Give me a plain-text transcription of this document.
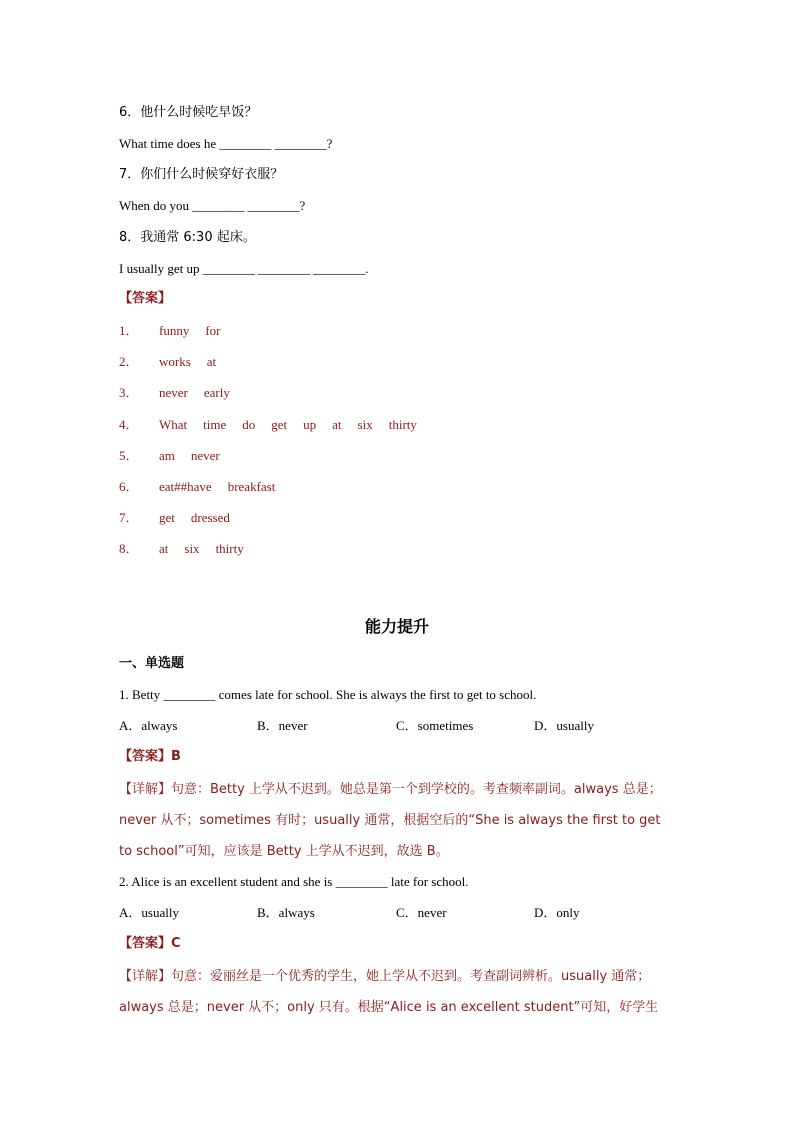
6．他什么时候吃早饭？
What time does he ________ ________?
7．你们什么时候穿好衣服？
When do you ________ ________?
8．我通常 6:30 起床。
I usually get up ________ ________ ________.
【答案】
1． funny for
2． works at
3． never early
4． What time do get up at six thirty
5． am never
6． eat##have breakfast
7． get dressed
8． at six thirty
能力提升
一、单选题
1. Betty ________ comes late for school. She is always the first to get to school.
A．always	B．never	C．sometimes	D．usually
【答案】B
【详解】句意：Betty 上学从不迟到。她总是第一个到学校的。考查频率副词。always 总是；never 从不；sometimes 有时；usually 通常，根据空后的“She is always the first to get to school”可知，应该是 Betty 上学从不迟到，故选 B。
2. Alice is an excellent student and she is ________ late for school.
A．usually	B．always	C．never	D．only
【答案】C
【详解】句意：爱丽丝是一个优秀的学生，她上学从不迟到。考查副词辨析。usually 通常；always 总是；never 从不；only 只有。根据“Alice is an excellent student”可知，好学生
